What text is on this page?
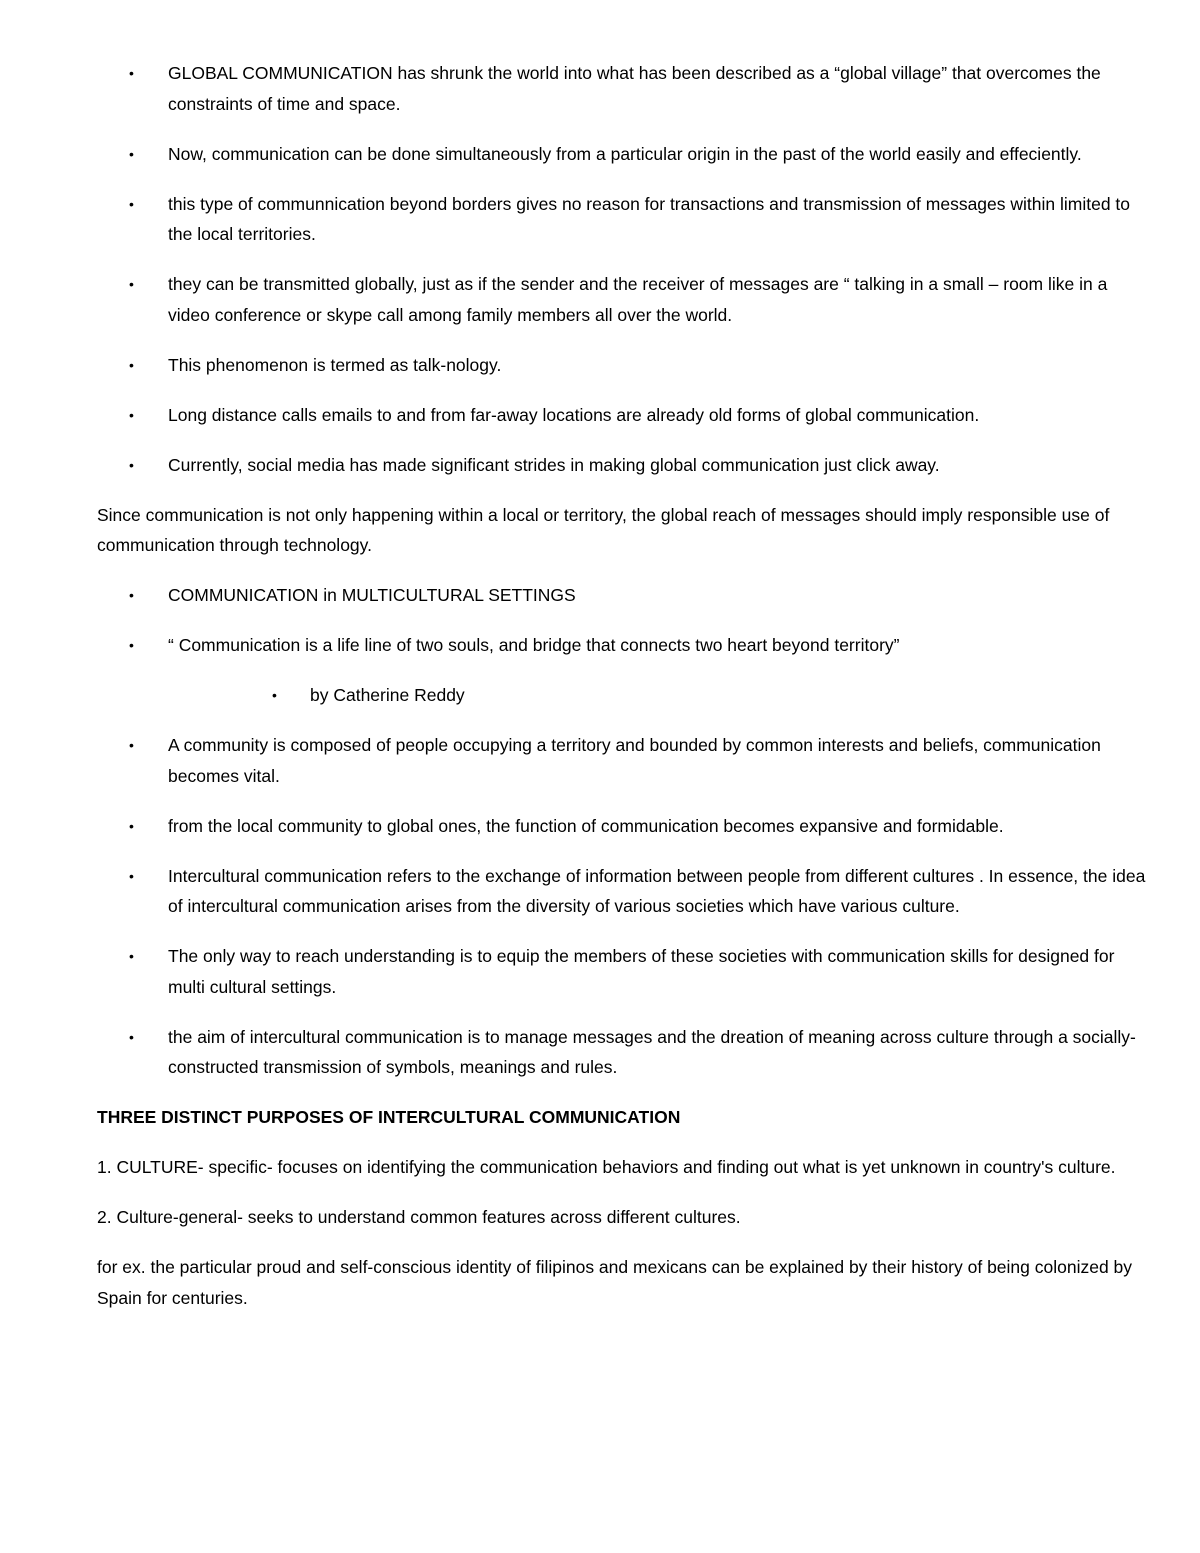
• GLOBAL COMMUNICATION has shrunk the world into what has been described as a “global village” that overcomes the constraints of time and space.
• Now, communication can be done simultaneously from a particular origin in the past of the world easily and effeciently.
• this type of communnication beyond borders gives no reason for transactions and transmission of messages within limited to the local territories.
• they can be transmitted globally, just as if the sender and the receiver of messages are “ talking in a small – room like in a video conference or skype call among family members all over the world.
• This phenomenon is termed as talk-nology.
• Long distance calls emails to and from far-away locations are already old forms of global communication.
• Currently, social media has made significant strides in making global communication just click away.

Since communication is not only happening within a local or territory, the global reach of messages should imply responsible use of communication through technology.

• COMMUNICATION in MULTICULTURAL SETTINGS
• “ Communication is a life line of two souls, and bridge that connects two heart beyond territory”
• by Catherine Reddy
• A community is composed of people occupying a territory and bounded by common interests and beliefs, communication becomes vital.
• from the local community to global ones, the function of communication becomes expansive and formidable.
• Intercultural communication refers to the exchange of information between people from different cultures . In essence, the idea of intercultural communication arises from the diversity of various societies which have various culture.
• The only way to reach understanding is to equip the members of these societies with communication skills for designed for multi cultural settings.
• the aim of intercultural communication is to manage messages and the dreation of meaning across culture through a socially- constructed transmission of symbols, meanings and rules.

THREE DISTINCT PURPOSES OF INTERCULTURAL COMMUNICATION

1. CULTURE- specific- focuses on identifying the communication behaviors and finding out what is yet unknown in country's culture.

2. Culture-general- seeks to understand common features across different cultures.

for ex. the particular proud and self-conscious identity of filipinos and mexicans can be explained by their history of being colonized by Spain for centuries.
